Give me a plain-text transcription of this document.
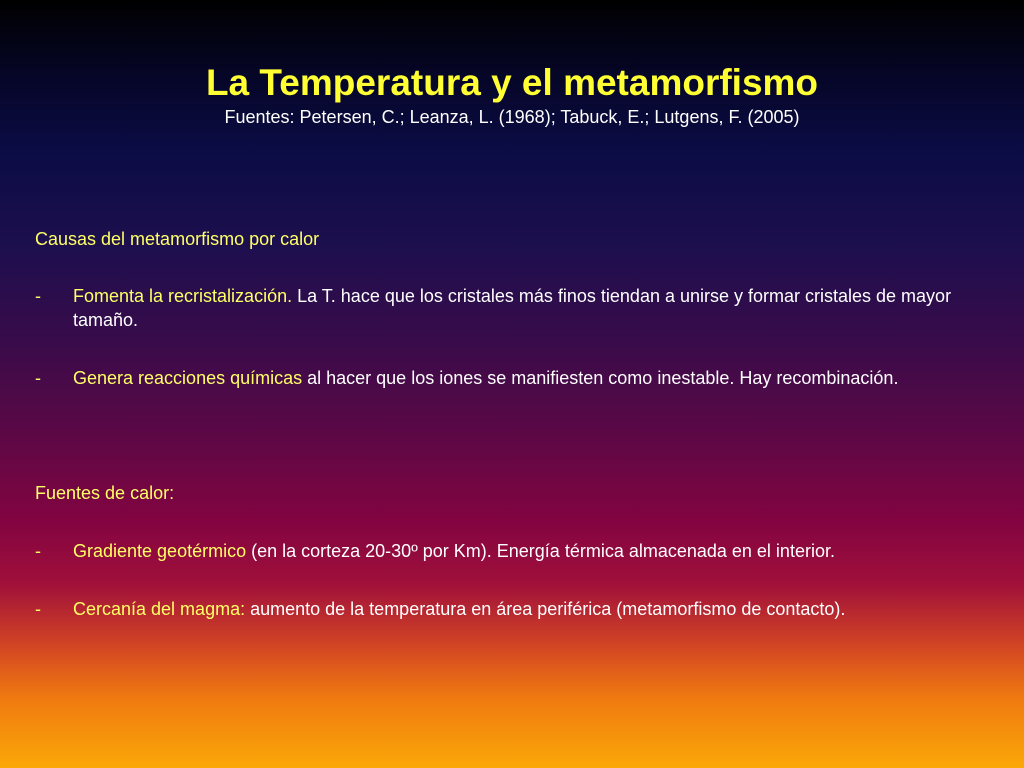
La Temperatura y el metamorfismo

Fuentes: Petersen, C.; Leanza, L. (1968); Tabuck, E.; Lutgens, F. (2005)

Causas del metamorfismo por calor

- Fomenta la recristalización. La T. hace que los cristales más finos tiendan a unirse y formar cristales de mayor tamaño.

- Genera reacciones químicas al hacer que los iones se manifiesten como inestable. Hay recombinación.

Fuentes de calor:

- Gradiente geotérmico (en la corteza 20-30º por Km). Energía térmica almacenada en el interior.

- Cercanía del magma: aumento de la temperatura en área periférica (metamorfismo de contacto).
